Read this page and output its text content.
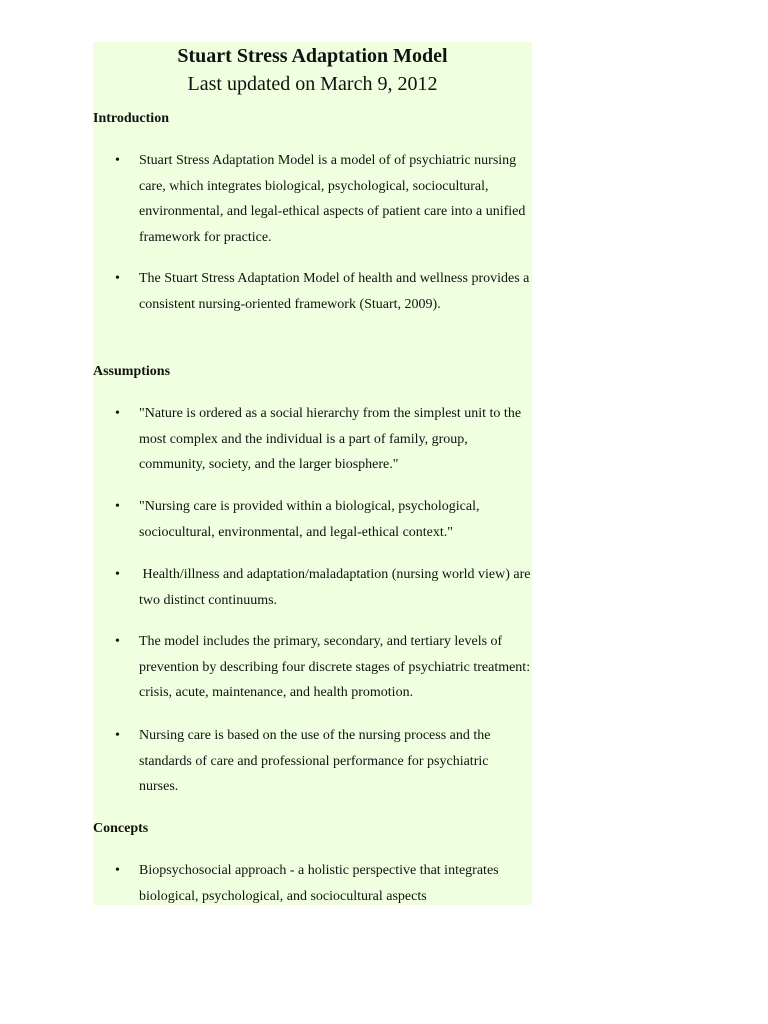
Stuart Stress Adaptation Model
Last updated on March 9, 2012
Introduction
• Stuart Stress Adaptation Model is a model of of psychiatric nursing care, which integrates biological, psychological, sociocultural, environmental, and legal-ethical aspects of patient care into a unified framework for practice.
• The Stuart Stress Adaptation Model of health and wellness provides a consistent nursing-oriented framework (Stuart, 2009).
Assumptions
• "Nature is ordered as a social hierarchy from the simplest unit to the most complex and the individual is a part of family, group, community, society, and the larger biosphere."
• "Nursing care is provided within a biological, psychological, sociocultural, environmental, and legal-ethical context."
• Health/illness and adaptation/maladaptation (nursing world view) are two distinct continuums.
• The model includes the primary, secondary, and tertiary levels of prevention by describing four discrete stages of psychiatric treatment: crisis, acute, maintenance, and health promotion.
• Nursing care is based on the use of the nursing process and the standards of care and professional performance for psychiatric nurses.
Concepts
• Biopsychosocial approach - a holistic perspective that integrates biological, psychological, and sociocultural aspects
